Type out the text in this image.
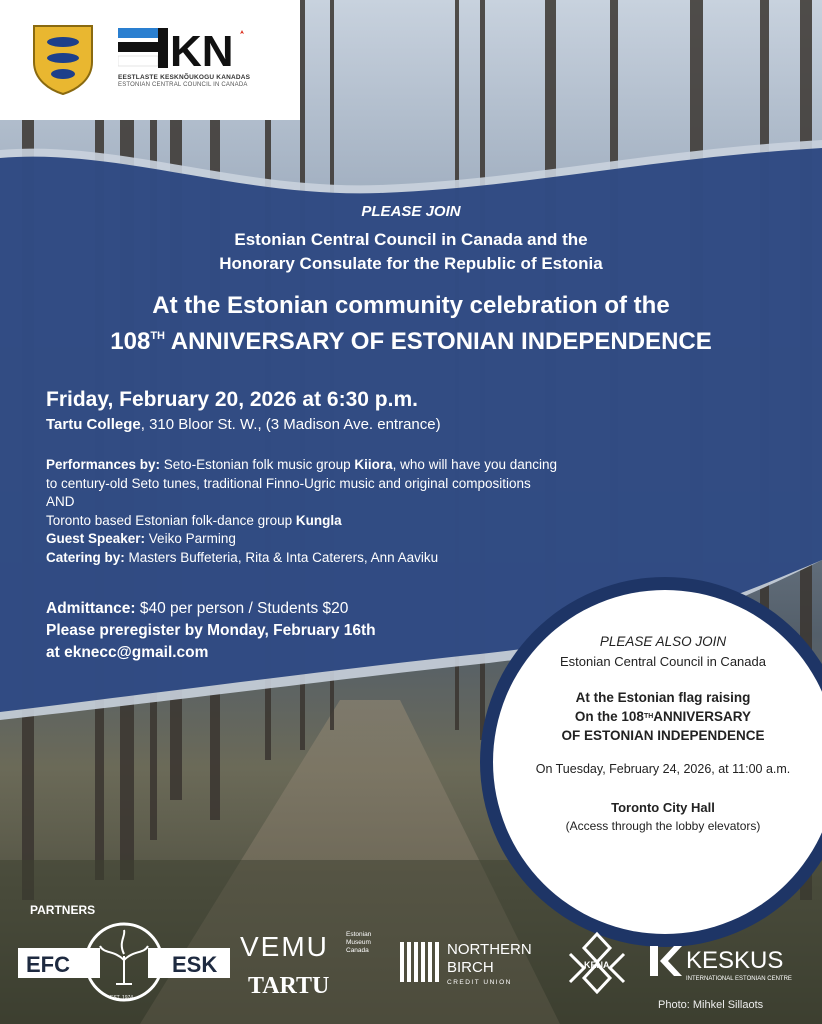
KN
EESTLASTE KESKNÕUKOGU KANADAS
ESTONIAN CENTRAL COUNCIL IN CANADA
PLEASE JOIN
Estonian Central Council in Canada and the
Honorary Consulate for the Republic of Estonia
At the Estonian community celebration of the
108TH ANNIVERSARY OF ESTONIAN INDEPENDENCE
Friday, February 20, 2026 at 6:30 p.m.
Tartu College, 310 Bloor St. W., (3 Madison Ave. entrance)
Performances by: Seto-Estonian folk music group Kiiora, who will have you dancing
to century-old Seto tunes, traditional Finno-Ugric music and original compositions
AND
Toronto based Estonian folk-dance group Kungla
Guest Speaker: Veiko Parming
Catering by: Masters Buffeteria, Rita & Inta Caterers, Ann Aaviku
Admittance: $40 per person / Students $20
Please preregister by Monday, February 16th
at eknecc@gmail.com
PLEASE ALSO JOIN
Estonian Central Council in Canada
At the Estonian flag raising
On the 108THANNIVERSARY
OF ESTONIAN INDEPENDENCE
On Tuesday, February 24, 2026, at 11:00 a.m.
Toronto City Hall
(Access through the lobby elevators)
PARTNERS
EFC
EST. 1974
ESK
VEMU	Estonian
Museum
Canada
TARTU
NORTHERN
BIRCH
CREDIT UNION
KENA	KESKUS
INTERNATIONAL ESTONIAN CENTRE
Photo: Mihkel Sillaots
